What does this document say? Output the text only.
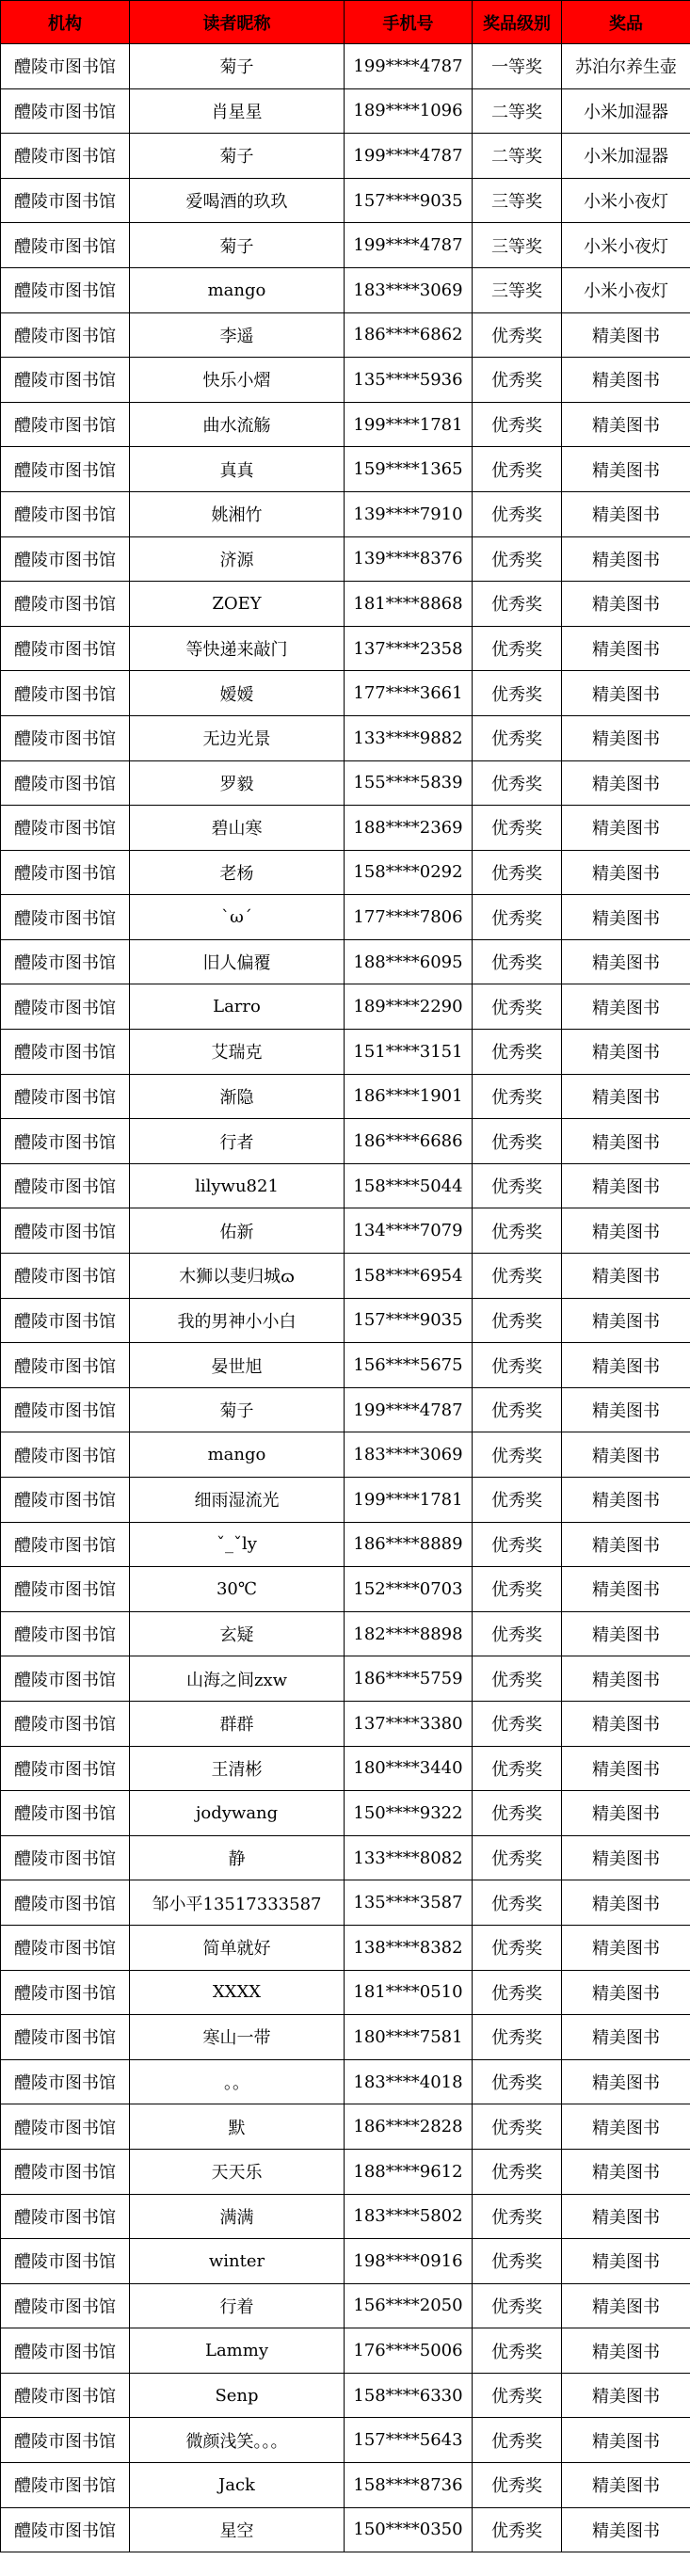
机构	读者昵称	手机号	奖品级别	奖品
醴陵市图书馆	菊子	199****4787	一等奖	苏泊尔养生壶
醴陵市图书馆	肖星星	189****1096	二等奖	小米加湿器
醴陵市图书馆	菊子	199****4787	二等奖	小米加湿器
醴陵市图书馆	爱喝酒的玖玖	157****9035	三等奖	小米小夜灯
醴陵市图书馆	菊子	199****4787	三等奖	小米小夜灯
醴陵市图书馆	mango	183****3069	三等奖	小米小夜灯
醴陵市图书馆	李遥	186****6862	优秀奖	精美图书
醴陵市图书馆	快乐小熠	135****5936	优秀奖	精美图书
醴陵市图书馆	曲水流觞	199****1781	优秀奖	精美图书
醴陵市图书馆	真真	159****1365	优秀奖	精美图书
醴陵市图书馆	姚湘竹	139****7910	优秀奖	精美图书
醴陵市图书馆	济源	139****8376	优秀奖	精美图书
醴陵市图书馆	ZOEY	181****8868	优秀奖	精美图书
醴陵市图书馆	等快递来敲门	137****2358	优秀奖	精美图书
醴陵市图书馆	嫒嫒	177****3661	优秀奖	精美图书
醴陵市图书馆	无边光景	133****9882	优秀奖	精美图书
醴陵市图书馆	罗毅	155****5839	优秀奖	精美图书
醴陵市图书馆	碧山寒	188****2369	优秀奖	精美图书
醴陵市图书馆	老杨	158****0292	优秀奖	精美图书
醴陵市图书馆	ˋωˊ	177****7806	优秀奖	精美图书
醴陵市图书馆	旧人偏覆	188****6095	优秀奖	精美图书
醴陵市图书馆	Larro	189****2290	优秀奖	精美图书
醴陵市图书馆	艾瑞克	151****3151	优秀奖	精美图书
醴陵市图书馆	渐隐	186****1901	优秀奖	精美图书
醴陵市图书馆	行者	186****6686	优秀奖	精美图书
醴陵市图书馆	lilywu821	158****5044	优秀奖	精美图书
醴陵市图书馆	佑新	134****7079	优秀奖	精美图书
醴陵市图书馆	木狮以斐归城ɷ	158****6954	优秀奖	精美图书
醴陵市图书馆	我的男神小小白	157****9035	优秀奖	精美图书
醴陵市图书馆	晏世旭	156****5675	优秀奖	精美图书
醴陵市图书馆	菊子	199****4787	优秀奖	精美图书
醴陵市图书馆	mango	183****3069	优秀奖	精美图书
醴陵市图书馆	细雨湿流光	199****1781	优秀奖	精美图书
醴陵市图书馆	ˇ_ˇly	186****8889	优秀奖	精美图书
醴陵市图书馆	30℃	152****0703	优秀奖	精美图书
醴陵市图书馆	玄疑	182****8898	优秀奖	精美图书
醴陵市图书馆	山海之间zxw	186****5759	优秀奖	精美图书
醴陵市图书馆	群群	137****3380	优秀奖	精美图书
醴陵市图书馆	王清彬	180****3440	优秀奖	精美图书
醴陵市图书馆	jodywang	150****9322	优秀奖	精美图书
醴陵市图书馆	静	133****8082	优秀奖	精美图书
醴陵市图书馆	邹小平13517333587	135****3587	优秀奖	精美图书
醴陵市图书馆	简单就好	138****8382	优秀奖	精美图书
醴陵市图书馆	XXXX	181****0510	优秀奖	精美图书
醴陵市图书馆	寒山一带	180****7581	优秀奖	精美图书
醴陵市图书馆	。。	183****4018	优秀奖	精美图书
醴陵市图书馆	默	186****2828	优秀奖	精美图书
醴陵市图书馆	天天乐	188****9612	优秀奖	精美图书
醴陵市图书馆	满满	183****5802	优秀奖	精美图书
醴陵市图书馆	winter	198****0916	优秀奖	精美图书
醴陵市图书馆	行着	156****2050	优秀奖	精美图书
醴陵市图书馆	Lammy	176****5006	优秀奖	精美图书
醴陵市图书馆	Senp	158****6330	优秀奖	精美图书
醴陵市图书馆	微颜浅笑。。。	157****5643	优秀奖	精美图书
醴陵市图书馆	Jack	158****8736	优秀奖	精美图书
醴陵市图书馆	星空	150****0350	优秀奖	精美图书
